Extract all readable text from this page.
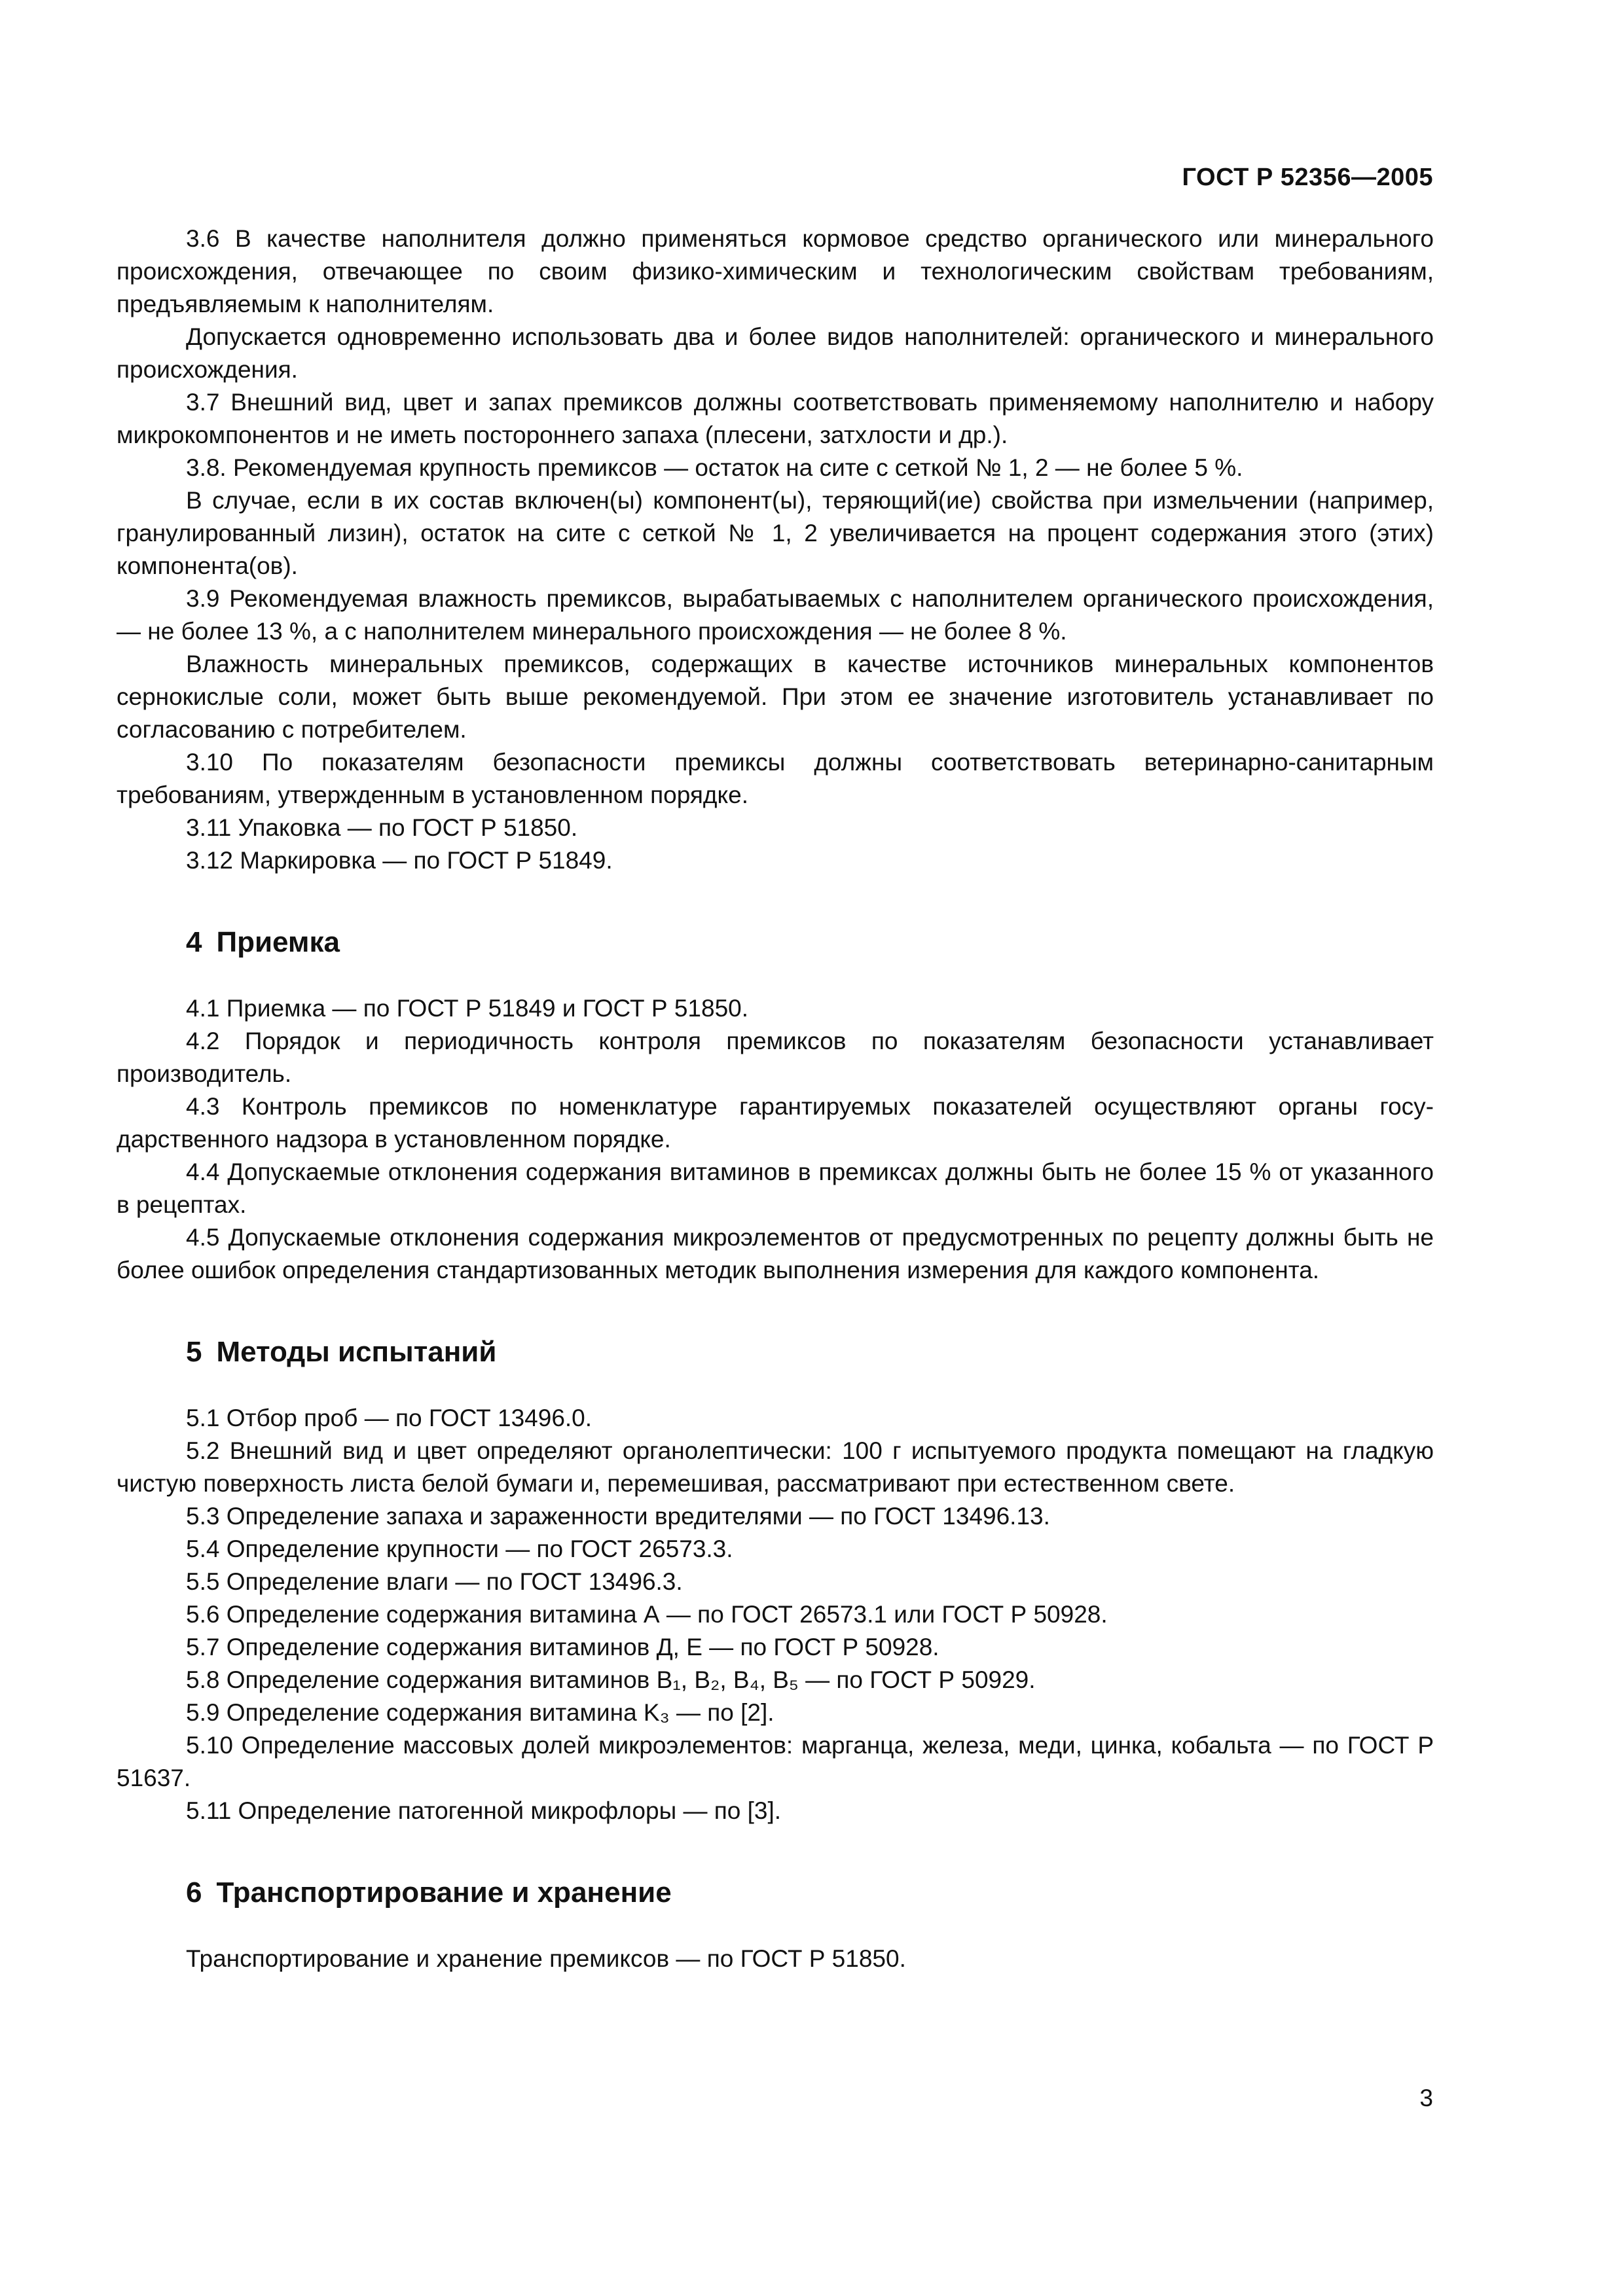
ГОСТ Р 52356—2005

3.6 В качестве наполнителя должно применяться кормовое средство органического или минерального происхождения, отвечающее по своим физико-химическим и технологическим свойствам требованиям, предъявляемым к наполнителям.

Допускается одновременно использовать два и более видов наполнителей: органического и минерального происхождения.

3.7 Внешний вид, цвет и запах премиксов должны соответствовать применяемому наполнителю и набору микрокомпонентов и не иметь постороннего запаха (плесени, затхлости и др.).

3.8. Рекомендуемая крупность премиксов — остаток на сите с сеткой № 1, 2 — не более 5 %.

В случае, если в их состав включен(ы) компонент(ы), теряющий(ие) свойства при измельчении (например, гранулированный лизин), остаток на сите с сеткой № 1, 2 увеличивается на процент содержания этого (этих) компонента(ов).

3.9 Рекомендуемая влажность премиксов, вырабатываемых с наполнителем органического происхождения, — не более 13 %, а с наполнителем минерального происхождения — не более 8 %.

Влажность минеральных премиксов, содержащих в качестве источников минеральных компонентов сернокислые соли, может быть выше рекомендуемой. При этом ее значение изготовитель устанавливает по согласованию с потребителем.

3.10 По показателям безопасности премиксы должны соответствовать ветеринарно-санитарным требованиям, утвержденным в установленном порядке.

3.11 Упаковка — по ГОСТ Р 51850.

3.12 Маркировка — по ГОСТ Р 51849.

4 Приемка

4.1 Приемка — по ГОСТ Р 51849 и ГОСТ Р 51850.

4.2 Порядок и периодичность контроля премиксов по показателям безопасности устанавливает производитель.

4.3 Контроль премиксов по номенклатуре гарантируемых показателей осуществляют органы государственного надзора в установленном порядке.

4.4 Допускаемые отклонения содержания витаминов в премиксах должны быть не более 15 % от указанного в рецептах.

4.5 Допускаемые отклонения содержания микроэлементов от предусмотренных по рецепту должны быть не более ошибок определения стандартизованных методик выполнения измерения для каждого компонента.

5 Методы испытаний

5.1 Отбор проб — по ГОСТ 13496.0.

5.2 Внешний вид и цвет определяют органолептически: 100 г испытуемого продукта помещают на гладкую чистую поверхность листа белой бумаги и, перемешивая, рассматривают при естественном свете.

5.3 Определение запаха и зараженности вредителями — по ГОСТ 13496.13.

5.4 Определение крупности — по ГОСТ 26573.3.

5.5 Определение влаги — по ГОСТ 13496.3.

5.6 Определение содержания витамина А — по ГОСТ 26573.1 или ГОСТ Р 50928.

5.7 Определение содержания витаминов Д, Е — по ГОСТ Р 50928.

5.8 Определение содержания витаминов B₁, B₂, B₄, B₅ — по ГОСТ Р 50929.

5.9 Определение содержания витамина K₃ — по [2].

5.10 Определение массовых долей микроэлементов: марганца, железа, меди, цинка, кобальта — по ГОСТ Р 51637.

5.11 Определение патогенной микрофлоры — по [3].

6 Транспортирование и хранение

Транспортирование и хранение премиксов — по ГОСТ Р 51850.

3
